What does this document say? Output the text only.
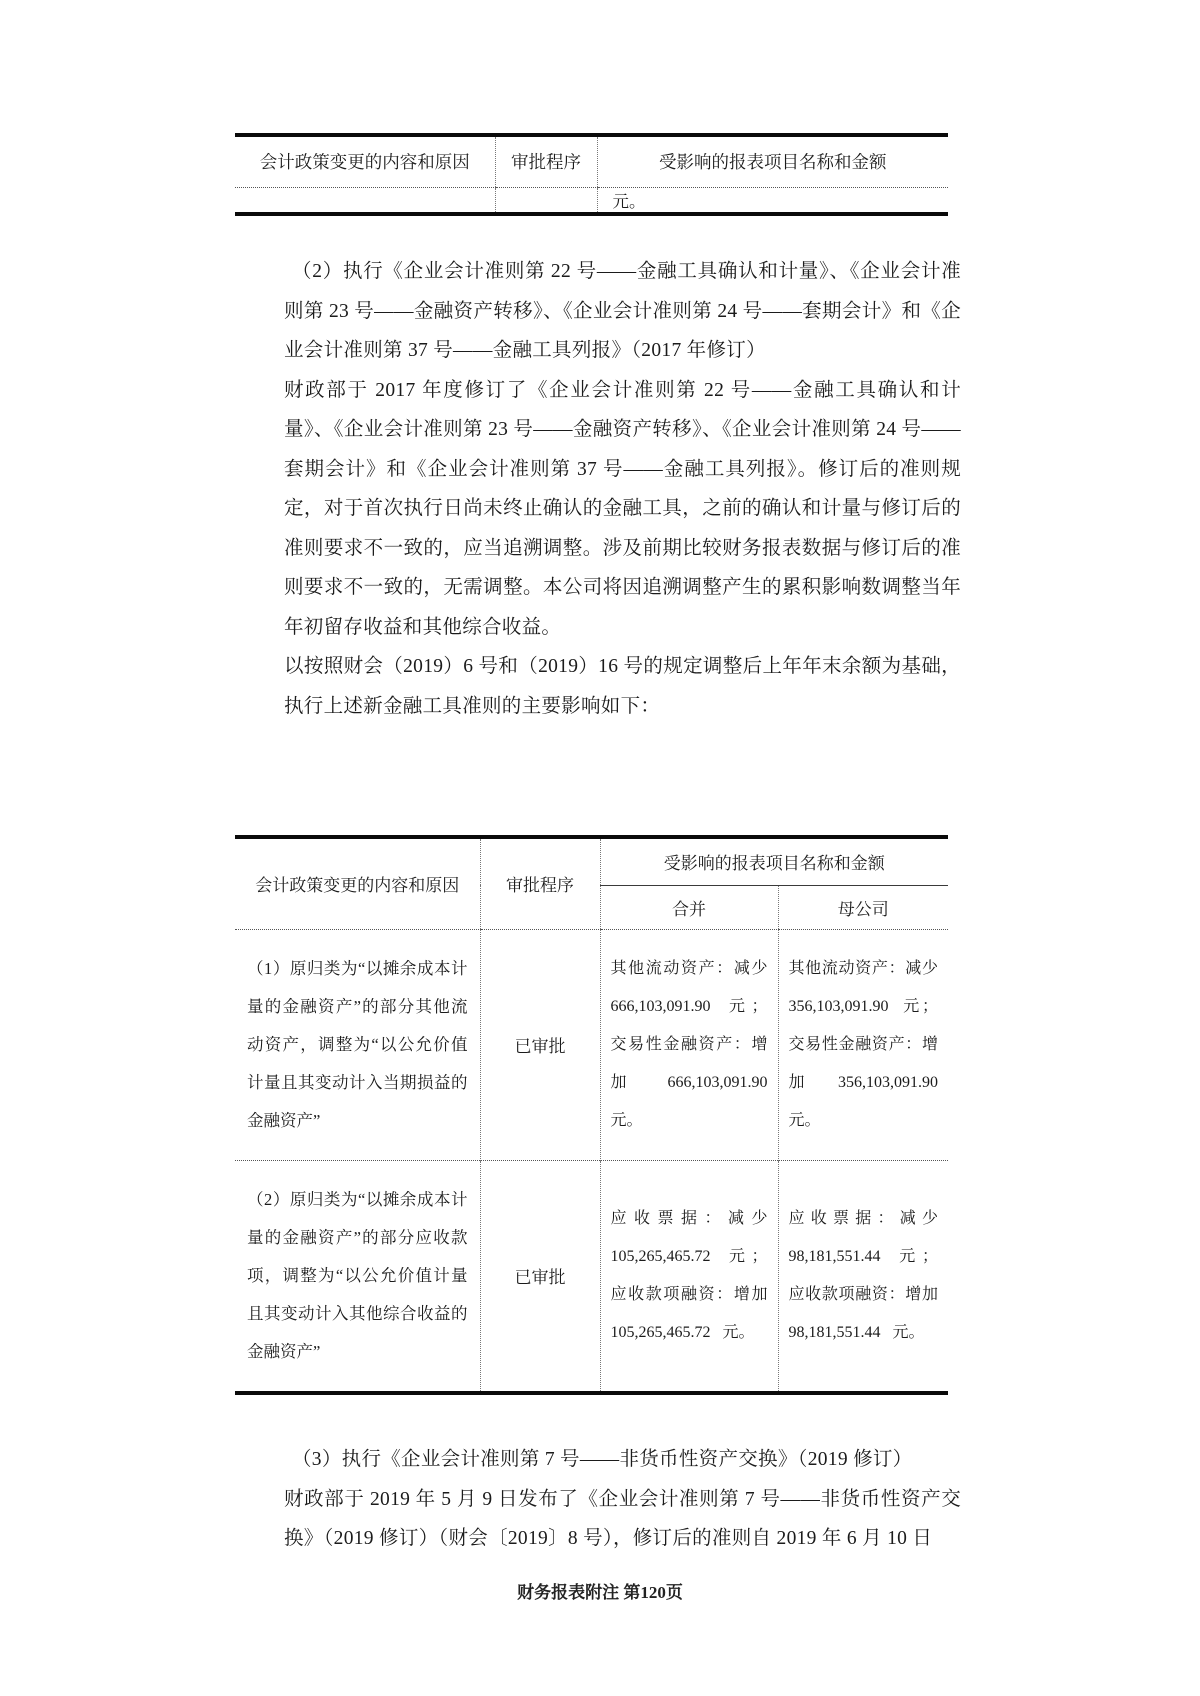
会计政策变更的内容和原因	审批程序	受影响的报表项目名称和金额
		元。

（2）执行《企业会计准则第 22 号——金融工具确认和计量》、《企业会计准则第 23 号——金融资产转移》、《企业会计准则第 24 号——套期会计》和《企业会计准则第 37 号——金融工具列报》（2017 年修订）

财政部于 2017 年度修订了《企业会计准则第 22 号——金融工具确认和计量》、《企业会计准则第 23 号——金融资产转移》、《企业会计准则第 24 号——套期会计》和《企业会计准则第 37 号——金融工具列报》。修订后的准则规定，对于首次执行日尚未终止确认的金融工具，之前的确认和计量与修订后的准则要求不一致的，应当追溯调整。涉及前期比较财务报表数据与修订后的准则要求不一致的，无需调整。本公司将因追溯调整产生的累积影响数调整当年年初留存收益和其他综合收益。

以按照财会（2019）6 号和（2019）16 号的规定调整后上年年末余额为基础，执行上述新金融工具准则的主要影响如下：

会计政策变更的内容和原因	审批程序	受影响的报表项目名称和金额	
		合并	母公司
（1）原归类为“以摊余成本计量的金融资产”的部分其他流动资产，调整为“以公允价值计量且其变动计入当期损益的金融资产”	已审批	其他流动资产：减少 666,103,091.90 元；交易性金融资产：增加 666,103,091.90 元。	其他流动资产：减少 356,103,091.90 元；交易性金融资产：增加 356,103,091.90 元。
（2）原归类为“以摊余成本计量的金融资产”的部分应收款项，调整为“以公允价值计量且其变动计入其他综合收益的金融资产”	已审批	应收票据：减少 105,265,465.72 元；应收款项融资：增加 105,265,465.72 元。	应收票据：减少 98,181,551.44 元；应收款项融资：增加 98,181,551.44 元。

（3）执行《企业会计准则第 7 号——非货币性资产交换》（2019 修订）

财政部于 2019 年 5 月 9 日发布了《企业会计准则第 7 号——非货币性资产交换》（2019 修订）（财会〔2019〕8 号），修订后的准则自 2019 年 6 月 10 日

财务报表附注 第120页
